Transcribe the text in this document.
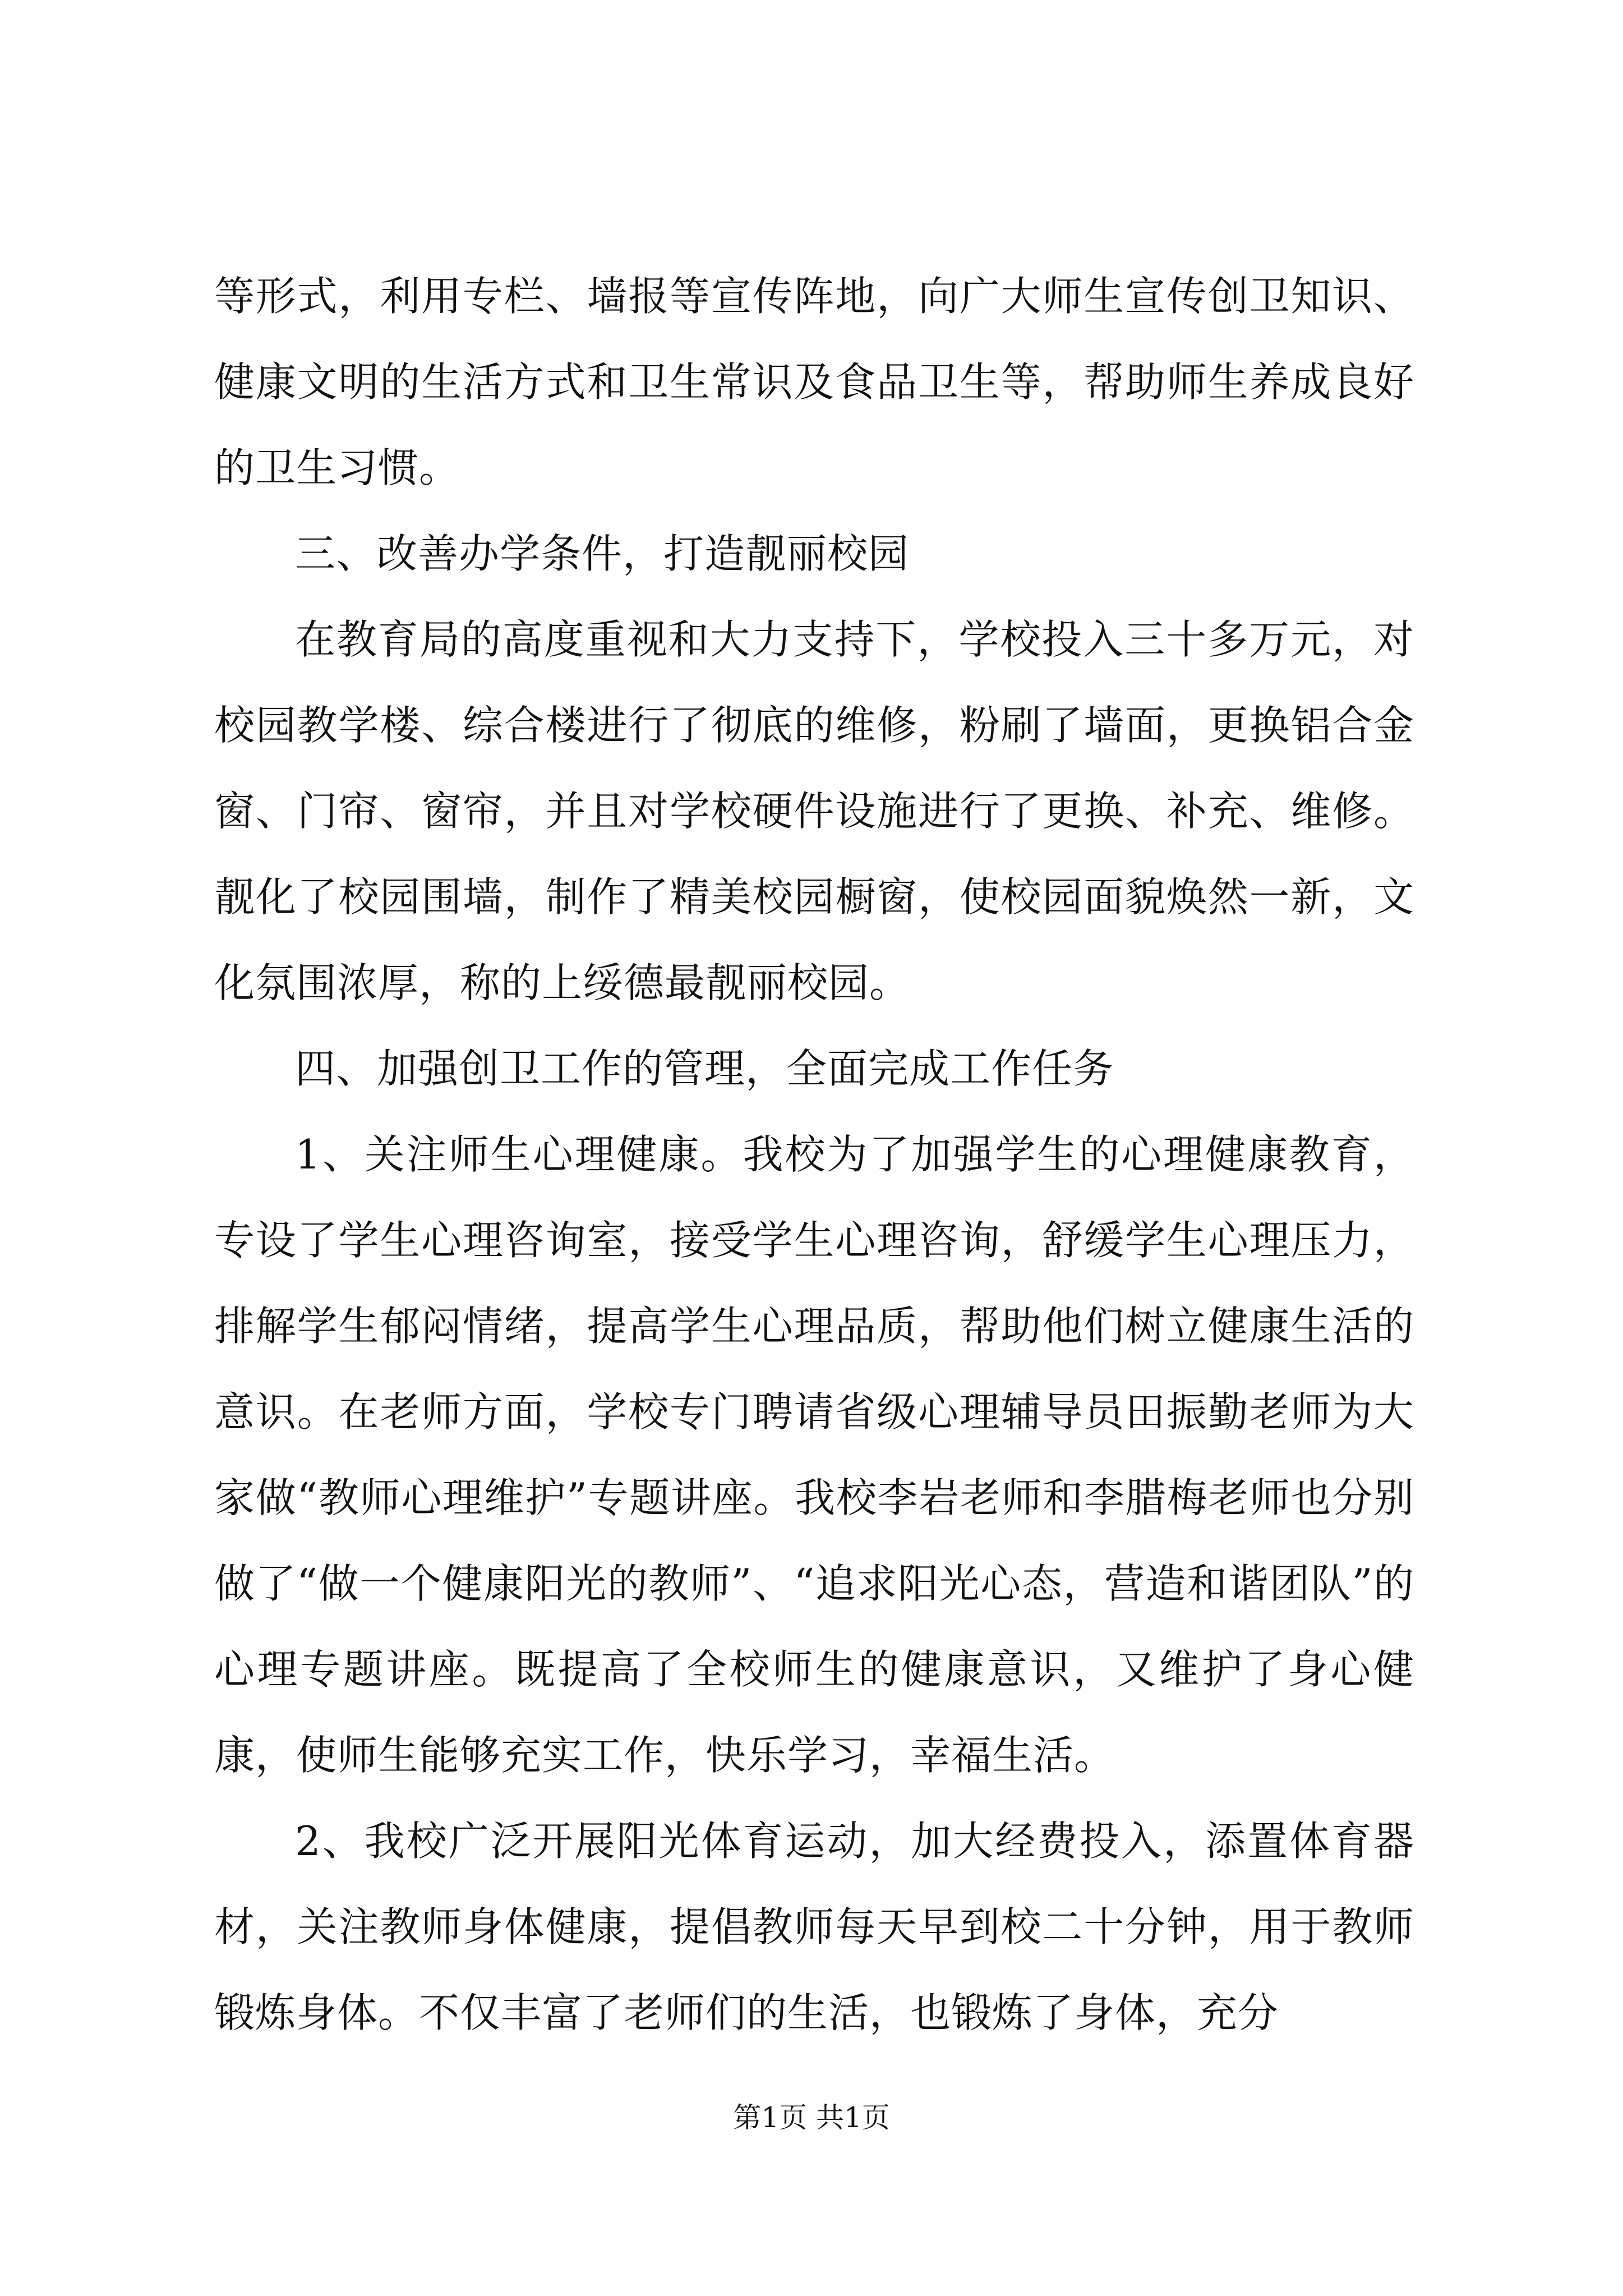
等形式，利用专栏、墙报等宣传阵地，向广大师生宣传创卫知识、健康文明的生活方式和卫生常识及食品卫生等，帮助师生养成良好的卫生习惯。

三、改善办学条件，打造靓丽校园

在教育局的高度重视和大力支持下，学校投入三十多万元，对校园教学楼、综合楼进行了彻底的维修，粉刷了墙面，更换铝合金窗、门帘、窗帘，并且对学校硬件设施进行了更换、补充、维修。靓化了校园围墙，制作了精美校园橱窗，使校园面貌焕然一新，文化氛围浓厚，称的上绥德最靓丽校园。

四、加强创卫工作的管理，全面完成工作任务

1、关注师生心理健康。我校为了加强学生的心理健康教育，专设了学生心理咨询室，接受学生心理咨询，舒缓学生心理压力，排解学生郁闷情绪，提高学生心理品质，帮助他们树立健康生活的意识。在老师方面，学校专门聘请省级心理辅导员田振勤老师为大家做“教师心理维护”专题讲座。我校李岩老师和李腊梅老师也分别做了“做一个健康阳光的教师”、“追求阳光心态，营造和谐团队”的心理专题讲座。既提高了全校师生的健康意识，又维护了身心健康，使师生能够充实工作，快乐学习，幸福生活。

2、我校广泛开展阳光体育运动，加大经费投入，添置体育器材，关注教师身体健康，提倡教师每天早到校二十分钟，用于教师锻炼身体。不仅丰富了老师们的生活，也锻炼了身体，充分

第1页 共1页
